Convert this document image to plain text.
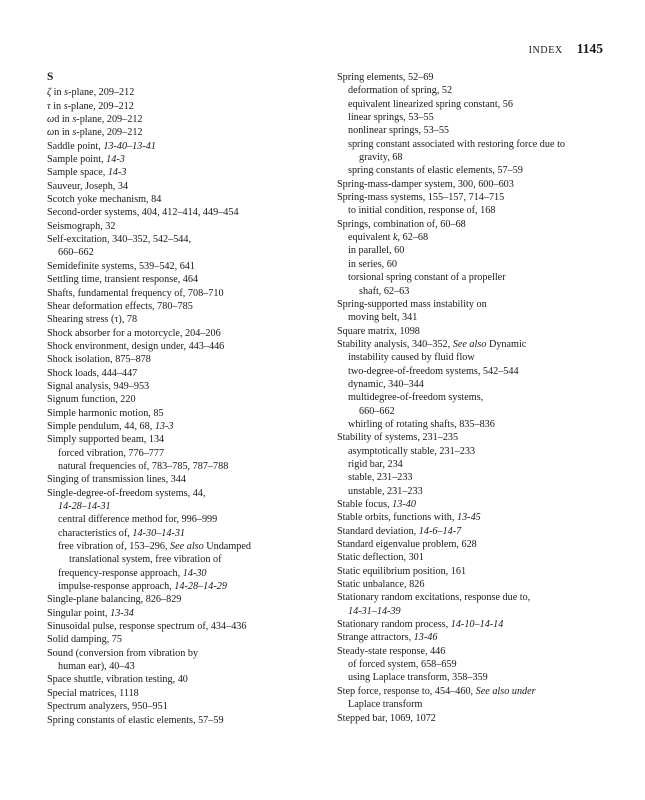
INDEX 1145
S
ζ in s-plane, 209–212
τ in s-plane, 209–212
ωd in s-plane, 209–212
ωn in s-plane, 209–212
Saddle point, 13-40–13-41
Sample point, 14-3
Sample space, 14-3
Sauveur, Joseph, 34
Scotch yoke mechanism, 84
Second-order systems, 404, 412–414, 449–454
Seismograph, 32
Self-excitation, 340–352, 542–544,
660–662
Semidefinite systems, 539–542, 641
Settling time, transient response, 464
Shafts, fundamental frequency of, 708–710
Shear deformation effects, 780–785
Shearing stress (τ), 78
Shock absorber for a motorcycle, 204–206
Shock environment, design under, 443–446
Shock isolation, 875–878
Shock loads, 444–447
Signal analysis, 949–953
Signum function, 220
Simple harmonic motion, 85
Simple pendulum, 44, 68, 13-3
Simply supported beam, 134
forced vibration, 776–777
natural frequencies of, 783–785, 787–788
Singing of transmission lines, 344
Single-degree-of-freedom systems, 44,
14-28–14-31
central difference method for, 996–999
characteristics of, 14-30–14-31
free vibration of, 153–296, See also Undamped
translational system, free vibration of
frequency-response approach, 14-30
impulse-response approach, 14-28–14-29
Single-plane balancing, 826–829
Singular point, 13-34
Sinusoidal pulse, response spectrum of, 434–436
Solid damping, 75
Sound (conversion from vibration by
human ear), 40–43
Space shuttle, vibration testing, 40
Special matrices, 1118
Spectrum analyzers, 950–951
Spring constants of elastic elements, 57–59
Spring elements, 52–69
deformation of spring, 52
equivalent linearized spring constant, 56
linear springs, 53–55
nonlinear springs, 53–55
spring constant associated with restoring force due to
gravity, 68
spring constants of elastic elements, 57–59
Spring-mass-damper system, 300, 600–603
Spring-mass systems, 155–157, 714–715
to initial condition, response of, 168
Springs, combination of, 60–68
equivalent k, 62–68
in parallel, 60
in series, 60
torsional spring constant of a propeller
shaft, 62–63
Spring-supported mass instability on
moving belt, 341
Square matrix, 1098
Stability analysis, 340–352, See also Dynamic
instability caused by fluid flow
two-degree-of-freedom systems, 542–544
dynamic, 340–344
multidegree-of-freedom systems,
660–662
whirling of rotating shafts, 835–836
Stability of systems, 231–235
asymptotically stable, 231–233
rigid bar, 234
stable, 231–233
unstable, 231–233
Stable focus, 13-40
Stable orbits, functions with, 13-45
Standard deviation, 14-6–14-7
Standard eigenvalue problem, 628
Static deflection, 301
Static equilibrium position, 161
Static unbalance, 826
Stationary random excitations, response due to,
14-31–14-39
Stationary random process, 14-10–14-14
Strange attractors, 13-46
Steady-state response, 446
of forced system, 658–659
using Laplace transform, 358–359
Step force, response to, 454–460, See also under
Laplace transform
Stepped bar, 1069, 1072
